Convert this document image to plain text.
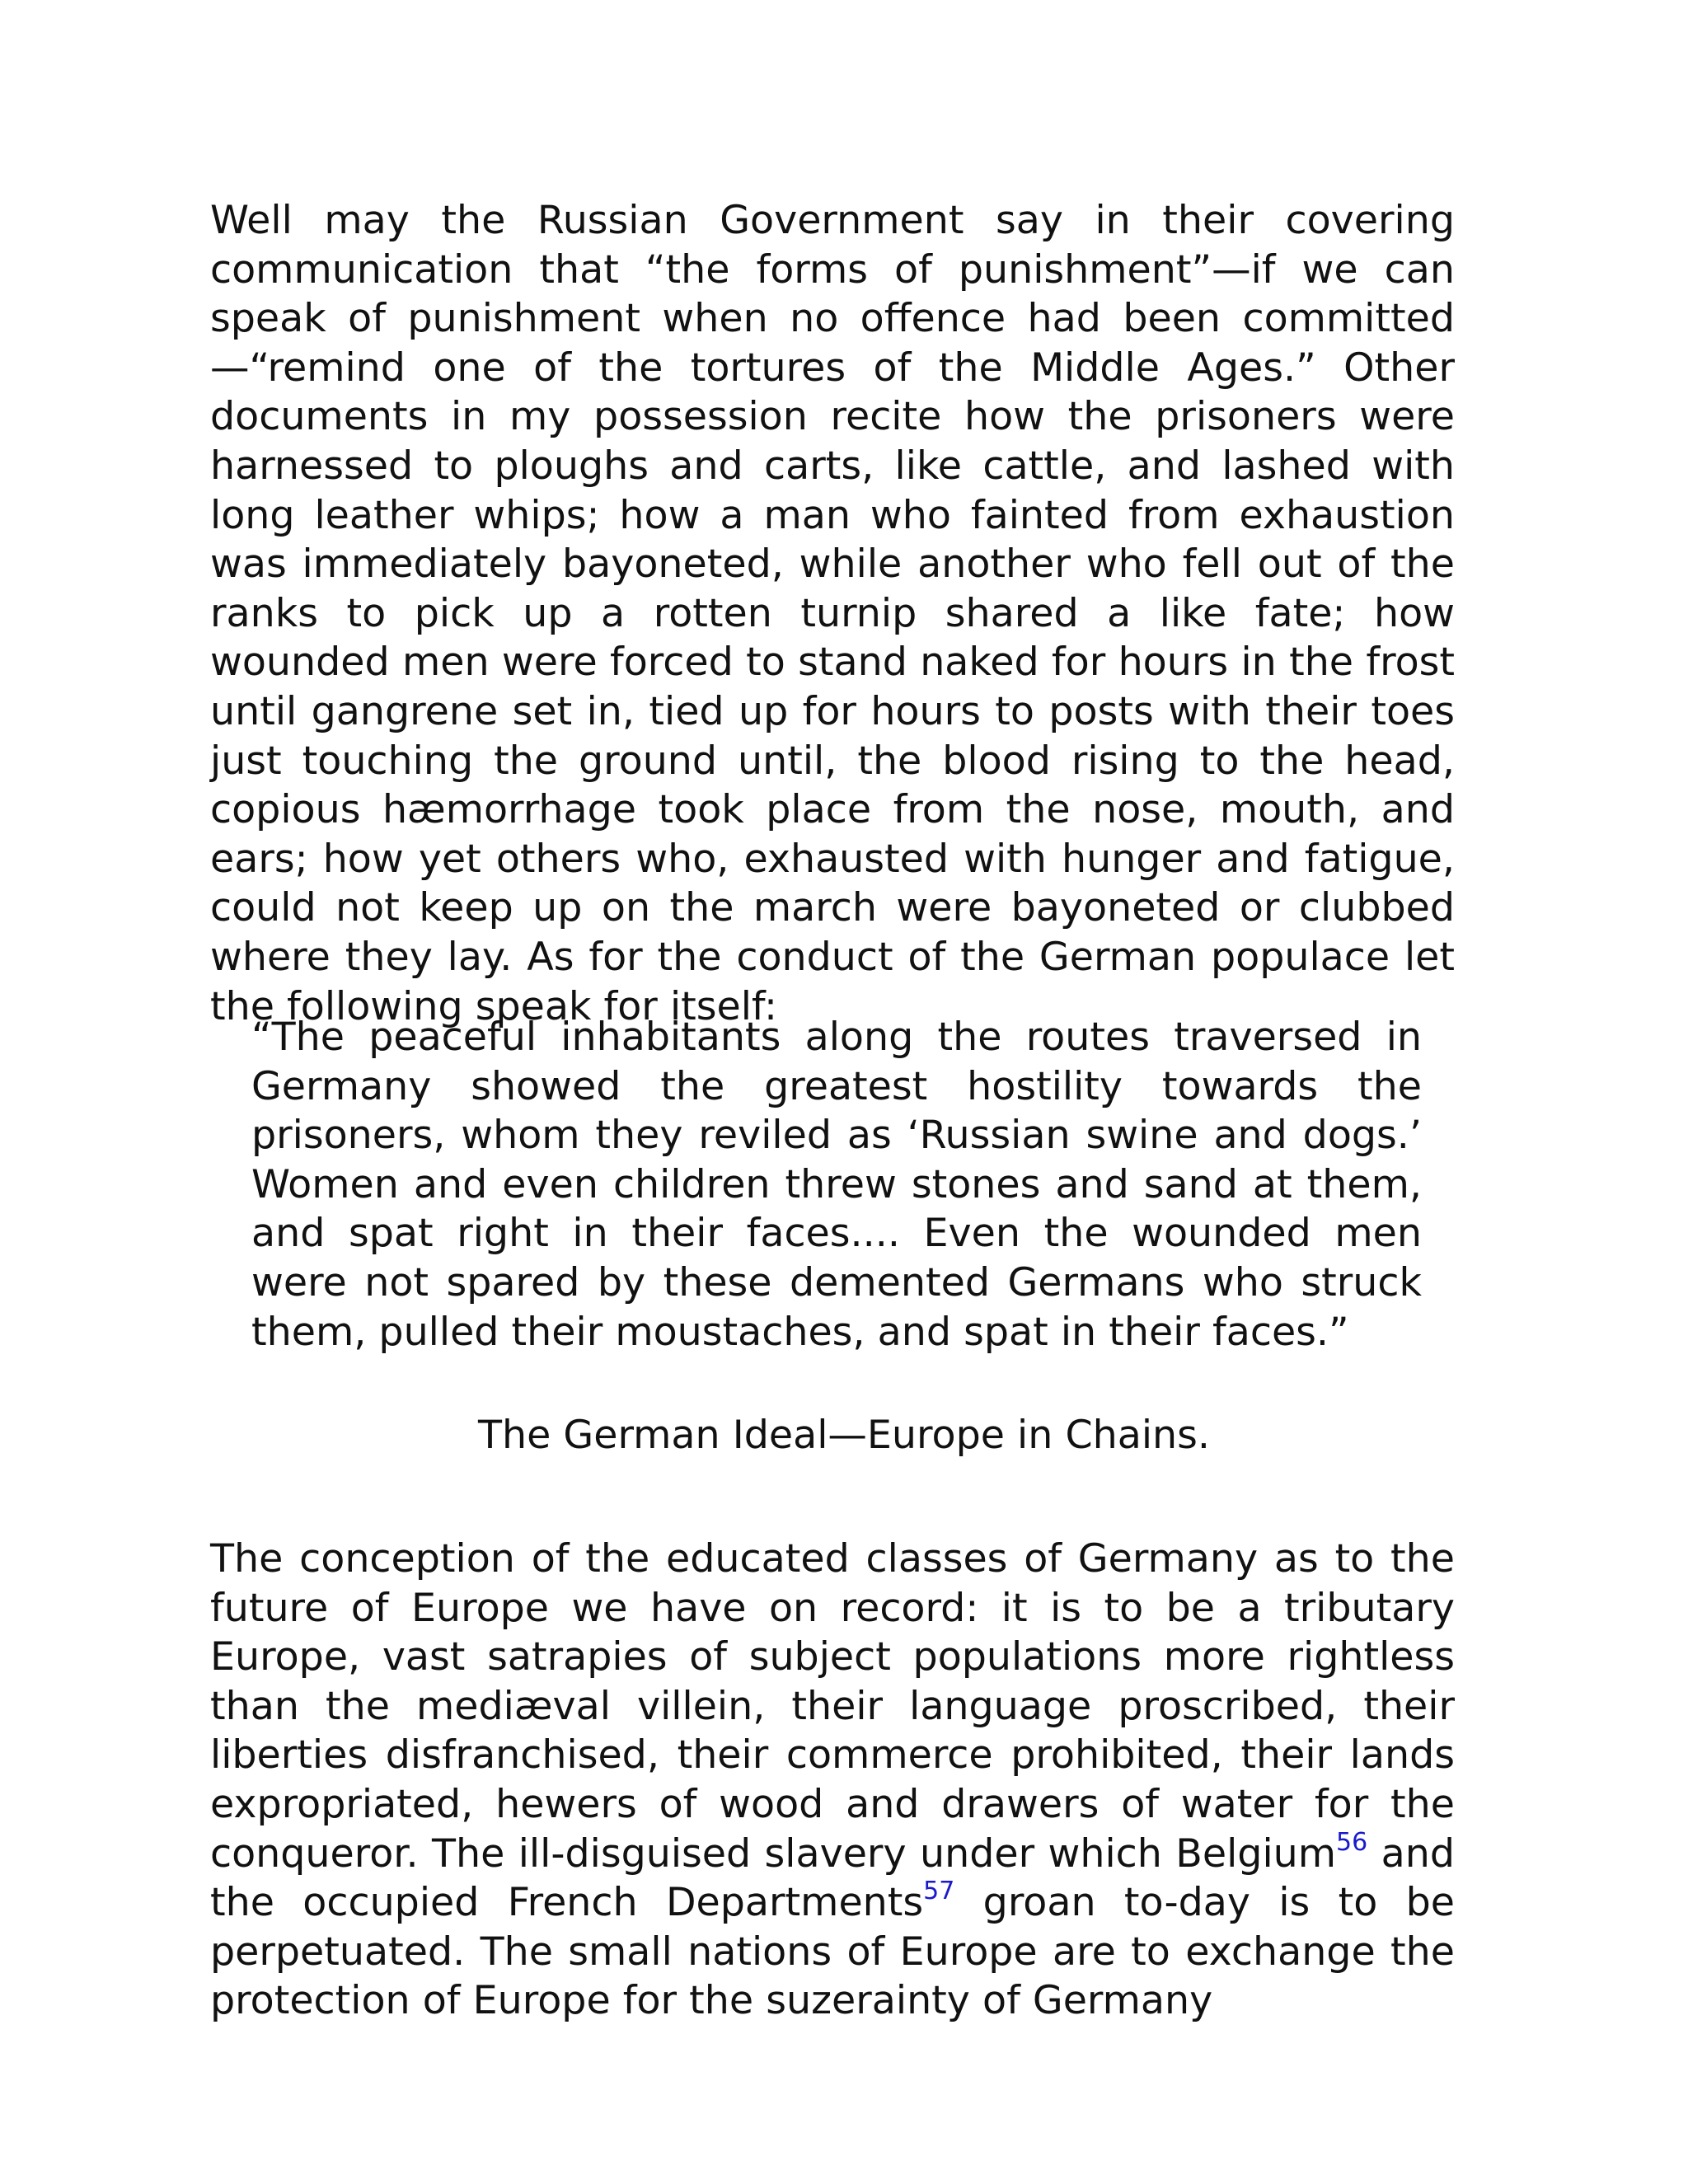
Well may the Russian Government say in their covering communication that “the forms of punishment”—if we can speak of punishment when no offence had been committed—“remind one of the tortures of the Middle Ages.” Other documents in my possession recite how the prisoners were harnessed to ploughs and carts, like cattle, and lashed with long leather whips; how a man who fainted from exhaustion was immediately bayoneted, while another who fell out of the ranks to pick up a rotten turnip shared a like fate; how wounded men were forced to stand naked for hours in the frost until gangrene set in, tied up for hours to posts with their toes just touching the ground until, the blood rising to the head, copious hæmorrhage took place from the nose, mouth, and ears; how yet others who, exhausted with hunger and fatigue, could not keep up on the march were bayoneted or clubbed where they lay. As for the conduct of the German populace let the following speak for itself:

“The peaceful inhabitants along the routes traversed in Germany showed the greatest hostility towards the prisoners, whom they reviled as ‘Russian swine and dogs.’ Women and even children threw stones and sand at them, and spat right in their faces.... Even the wounded men were not spared by these demented Germans who struck them, pulled their moustaches, and spat in their faces.”

The German Ideal—Europe in Chains.

The conception of the educated classes of Germany as to the future of Europe we have on record: it is to be a tributary Europe, vast satrapies of subject populations more rightless than the mediæval villein, their language proscribed, their liberties disfranchised, their commerce prohibited, their lands expropriated, hewers of wood and drawers of water for the conqueror. The ill-disguised slavery under which Belgium$^{56}$ and the occupied French Departments$^{57}$ groan to-day is to be perpetuated. The small nations of Europe are to exchange the protection of Europe for the suzerainty of Germany
